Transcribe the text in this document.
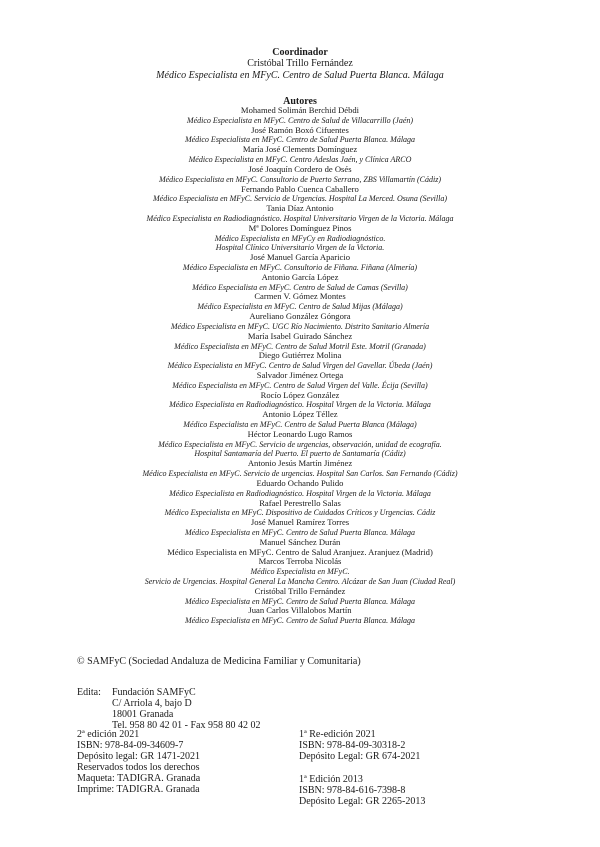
Coordinador
Cristóbal Trillo Fernández
Médico Especialista en MFyC. Centro de Salud Puerta Blanca. Málaga
Autores
Mohamed Solimán Berchid Débdi
Médico Especialista en MFyC. Centro de Salud de Villacarrillo (Jaén)
José Ramón Boxó Cifuentes
Médico Especialista en MFyC. Centro de Salud Puerta Blanca. Málaga
María José Clements Domínguez
Médico Especialista en MFyC. Centro Adeslas Jaén, y Clínica ARCO
José Joaquín Cordero de Osés
Médico Especialista en MFyC. Consultorio de Puerto Serrano, ZBS Villamartín (Cádiz)
Fernando Pablo Cuenca Caballero
Médico Especialista en MFyC. Servicio de Urgencias. Hospital La Merced. Osuna (Sevilla)
Tania Díaz Antonio
Médico Especialista en Radiodiagnóstico. Hospital Universitario Virgen de la Victoria. Málaga
Mª Dolores Domínguez Pinos
Médico Especialista en MFyCy en Radiodiagnóstico.
Hospital Clínico Universitario Virgen de la Victoria.
José Manuel García Aparicio
Médico Especialista en MFyC. Consultorio de Fiñana. Fiñana (Almería)
Antonio García López
Médico Especialista en MFyC. Centro de Salud de Camas (Sevilla)
Carmen V. Gómez Montes
Médico Especialista en MFyC. Centro de Salud Mijas (Málaga)
Aureliano González Góngora
Médico Especialista en MFyC. UGC Río Nacimiento. Distrito Sanitario Almería
María Isabel Guirado Sánchez
Médico Especialista en MFyC. Centro de Salud Motril Este. Motril (Granada)
Diego Gutiérrez Molina
Médico Especialista en MFyC. Centro de Salud Virgen del Gavellar. Úbeda (Jaén)
Salvador Jiménez Ortega
Médico Especialista en MFyC. Centro de Salud Virgen del Valle. Écija (Sevilla)
Rocío López González
Médico Especialista en Radiodiagnóstico. Hospital Virgen de la Victoria. Málaga
Antonio López Téllez
Médico Especialista en MFyC. Centro de Salud Puerta Blanca (Málaga)
Héctor Leonardo Lugo Ramos
Médico Especialista en MFyC. Servicio de urgencias, observación, unidad de ecografía.
Hospital Santamaría del Puerto. El puerto de Santamaría (Cádiz)
Antonio Jesús Martín Jiménez
Médico Especialista en MFyC. Servicio de urgencias. Hospital San Carlos. San Fernando (Cádiz)
Eduardo Ochando Pulido
Médico Especialista en Radiodiagnóstico. Hospital Virgen de la Victoria. Málaga
Rafael Perestrello Salas
Médico Especialista en MFyC. Dispositivo de Cuidados Críticos y Urgencias. Cádiz
José Manuel Ramírez Torres
Médico Especialista en MFyC. Centro de Salud Puerta Blanca. Málaga
Manuel Sánchez Durán
Médico Especialista en MFyC. Centro de Salud Aranjuez. Aranjuez (Madrid)
Marcos Terroba Nicolás
Médico Especialista en MFyC.
Servicio de Urgencias. Hospital General La Mancha Centro. Alcázar de San Juan (Ciudad Real)
Cristóbal Trillo Fernández
Médico Especialista en MFyC. Centro de Salud Puerta Blanca. Málaga
Juan Carlos Villalobos Martín
Médico Especialista en MFyC. Centro de Salud Puerta Blanca. Málaga
© SAMFyC (Sociedad Andaluza de Medicina Familiar y Comunitaria)
Edita: Fundación SAMFyC
C/ Arriola 4, bajo D
18001 Granada
Tel. 958 80 42 01 - Fax 958 80 42 02
2ª edición 2021
ISBN: 978-84-09-34609-7
Depósito legal: GR 1471-2021
Reservados todos los derechos
Maqueta: TADIGRA. Granada
Imprime: TADIGRA. Granada
1ª Re-edición 2021
ISBN: 978-84-09-30318-2
Depósito Legal: GR 674-2021
1ª Edición 2013
ISBN: 978-84-616-7398-8
Depósito Legal: GR 2265-2013
